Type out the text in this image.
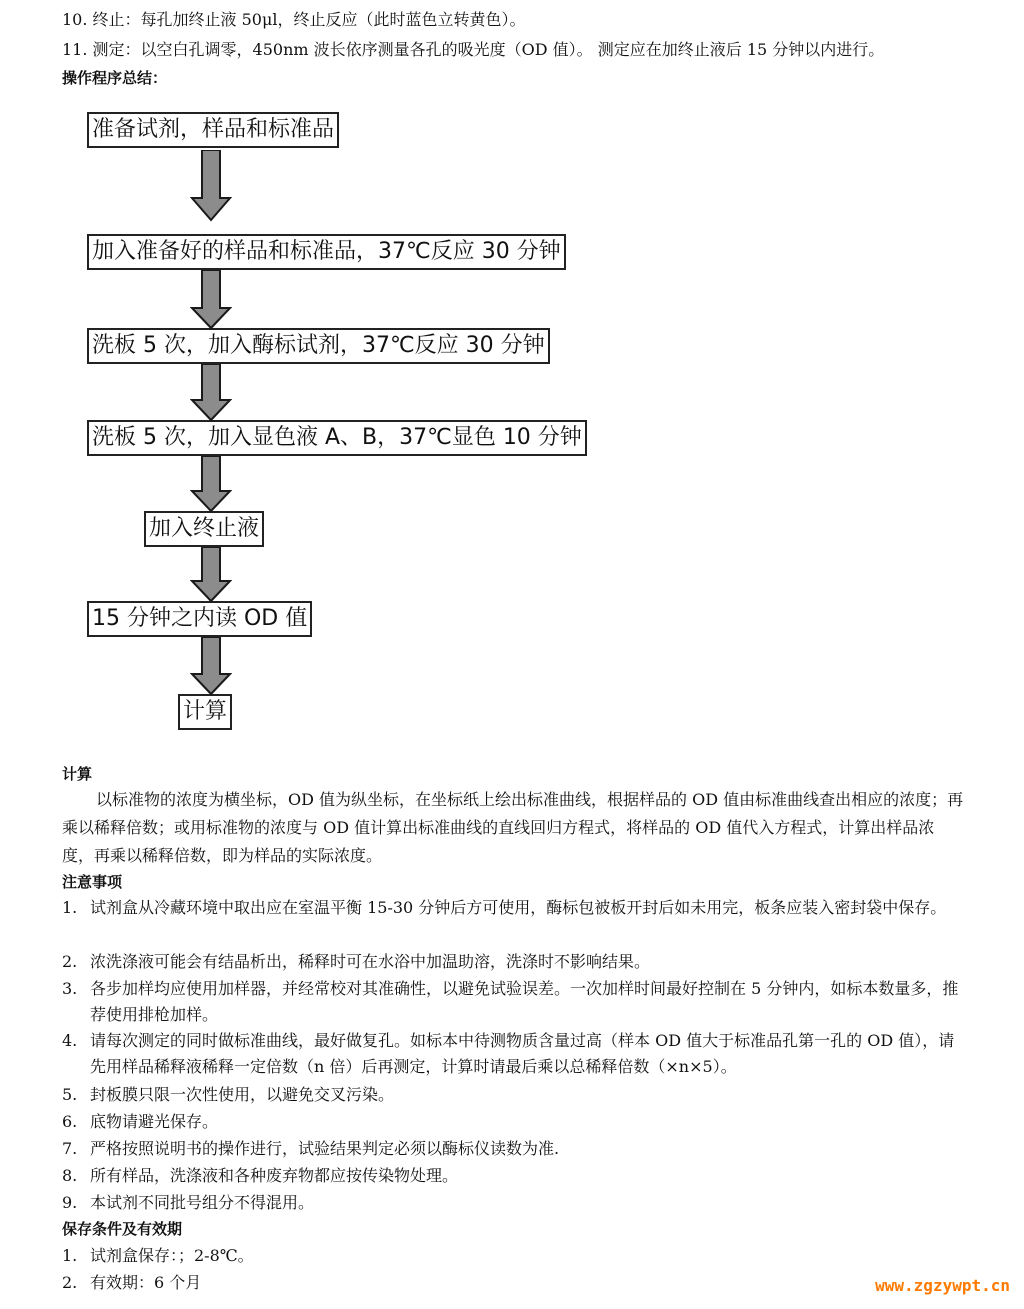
10. 终止：每孔加终止液 50μl，终止反应（此时蓝色立转黄色）。
11. 测定：以空白孔调零，450nm 波长依序测量各孔的吸光度（OD 值）。 测定应在加终止液后 15 分钟以内进行。
操作程序总结：
准备试剂，样品和标准品
加入准备好的样品和标准品，37℃反应 30 分钟
洗板 5 次，加入酶标试剂，37℃反应 30 分钟
洗板 5 次，加入显色液 A、B，37℃显色 10 分钟
加入终止液
15 分钟之内读 OD 值
计算
计算
以标准物的浓度为横坐标，OD 值为纵坐标，在坐标纸上绘出标准曲线，根据样品的 OD 值由标准曲线查出相应的浓度；再乘以稀释倍数；或用标准物的浓度与 OD 值计算出标准曲线的直线回归方程式，将样品的 OD 值代入方程式，计算出样品浓度，再乘以稀释倍数，即为样品的实际浓度。
注意事项
1. 试剂盒从冷藏环境中取出应在室温平衡 15-30 分钟后方可使用，酶标包被板开封后如未用完，板条应装入密封袋中保存。
2. 浓洗涤液可能会有结晶析出，稀释时可在水浴中加温助溶，洗涤时不影响结果。
3. 各步加样均应使用加样器，并经常校对其准确性，以避免试验误差。一次加样时间最好控制在 5 分钟内，如标本数量多，推荐使用排枪加样。
4. 请每次测定的同时做标准曲线，最好做复孔。如标本中待测物质含量过高（样本 OD 值大于标准品孔第一孔的 OD 值），请先用样品稀释液稀释一定倍数（n 倍）后再测定，计算时请最后乘以总稀释倍数（×n×5）。
5. 封板膜只限一次性使用，以避免交叉污染。
6. 底物请避光保存。
7. 严格按照说明书的操作进行，试验结果判定必须以酶标仪读数为准.
8. 所有样品，洗涤液和各种废弃物都应按传染物处理。
9. 本试剂不同批号组分不得混用。
保存条件及有效期
1. 试剂盒保存：；2-8℃。
2. 有效期：6 个月	www.zgzywpt.cn
